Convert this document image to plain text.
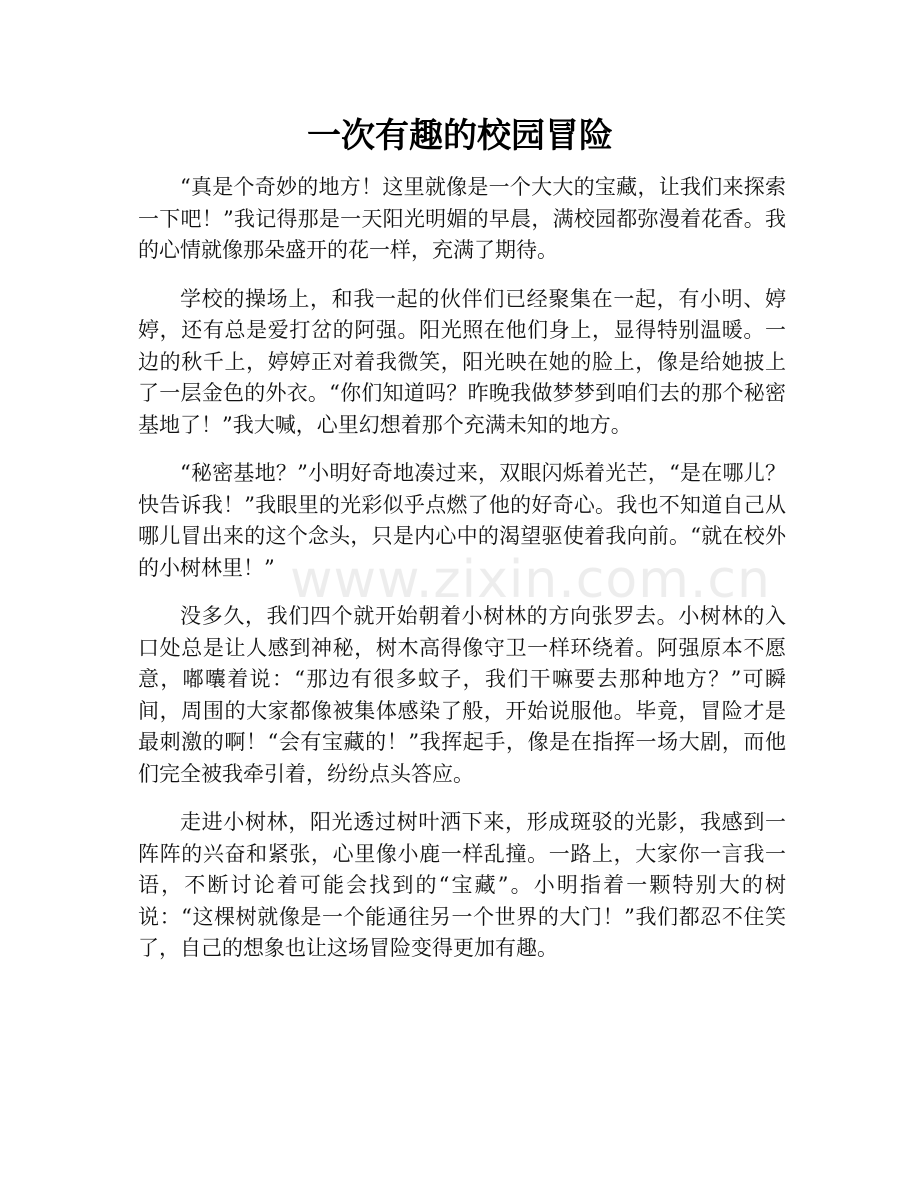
一次有趣的校园冒险

“真是个奇妙的地方！这里就像是一个大大的宝藏，让我们来探索一下吧！”我记得那是一天阳光明媚的早晨，满校园都弥漫着花香。我的心情就像那朵盛开的花一样，充满了期待。

学校的操场上，和我一起的伙伴们已经聚集在一起，有小明、婷婷，还有总是爱打岔的阿强。阳光照在他们身上，显得特别温暖。一边的秋千上，婷婷正对着我微笑，阳光映在她的脸上，像是给她披上了一层金色的外衣。“你们知道吗？昨晚我做梦梦到咱们去的那个秘密基地了！”我大喊，心里幻想着那个充满未知的地方。

“秘密基地？”小明好奇地凑过来，双眼闪烁着光芒，“是在哪儿？快告诉我！”我眼里的光彩似乎点燃了他的好奇心。我也不知道自己从哪儿冒出来的这个念头，只是内心中的渴望驱使着我向前。“就在校外的小树林里！”

没多久，我们四个就开始朝着小树林的方向张罗去。小树林的入口处总是让人感到神秘，树木高得像守卫一样环绕着。阿强原本不愿意，嘟囔着说：“那边有很多蚊子，我们干嘛要去那种地方？”可瞬间，周围的大家都像被集体感染了般，开始说服他。毕竟，冒险才是最刺激的啊！“会有宝藏的！”我挥起手，像是在指挥一场大剧，而他们完全被我牵引着，纷纷点头答应。

走进小树林，阳光透过树叶洒下来，形成斑驳的光影，我感到一阵阵的兴奋和紧张，心里像小鹿一样乱撞。一路上，大家你一言我一语，不断讨论着可能会找到的“宝藏”。小明指着一颗特别大的树说：“这棵树就像是一个能通往另一个世界的大门！”我们都忍不住笑了，自己的想象也让这场冒险变得更加有趣。

www.zixin.com.cn
